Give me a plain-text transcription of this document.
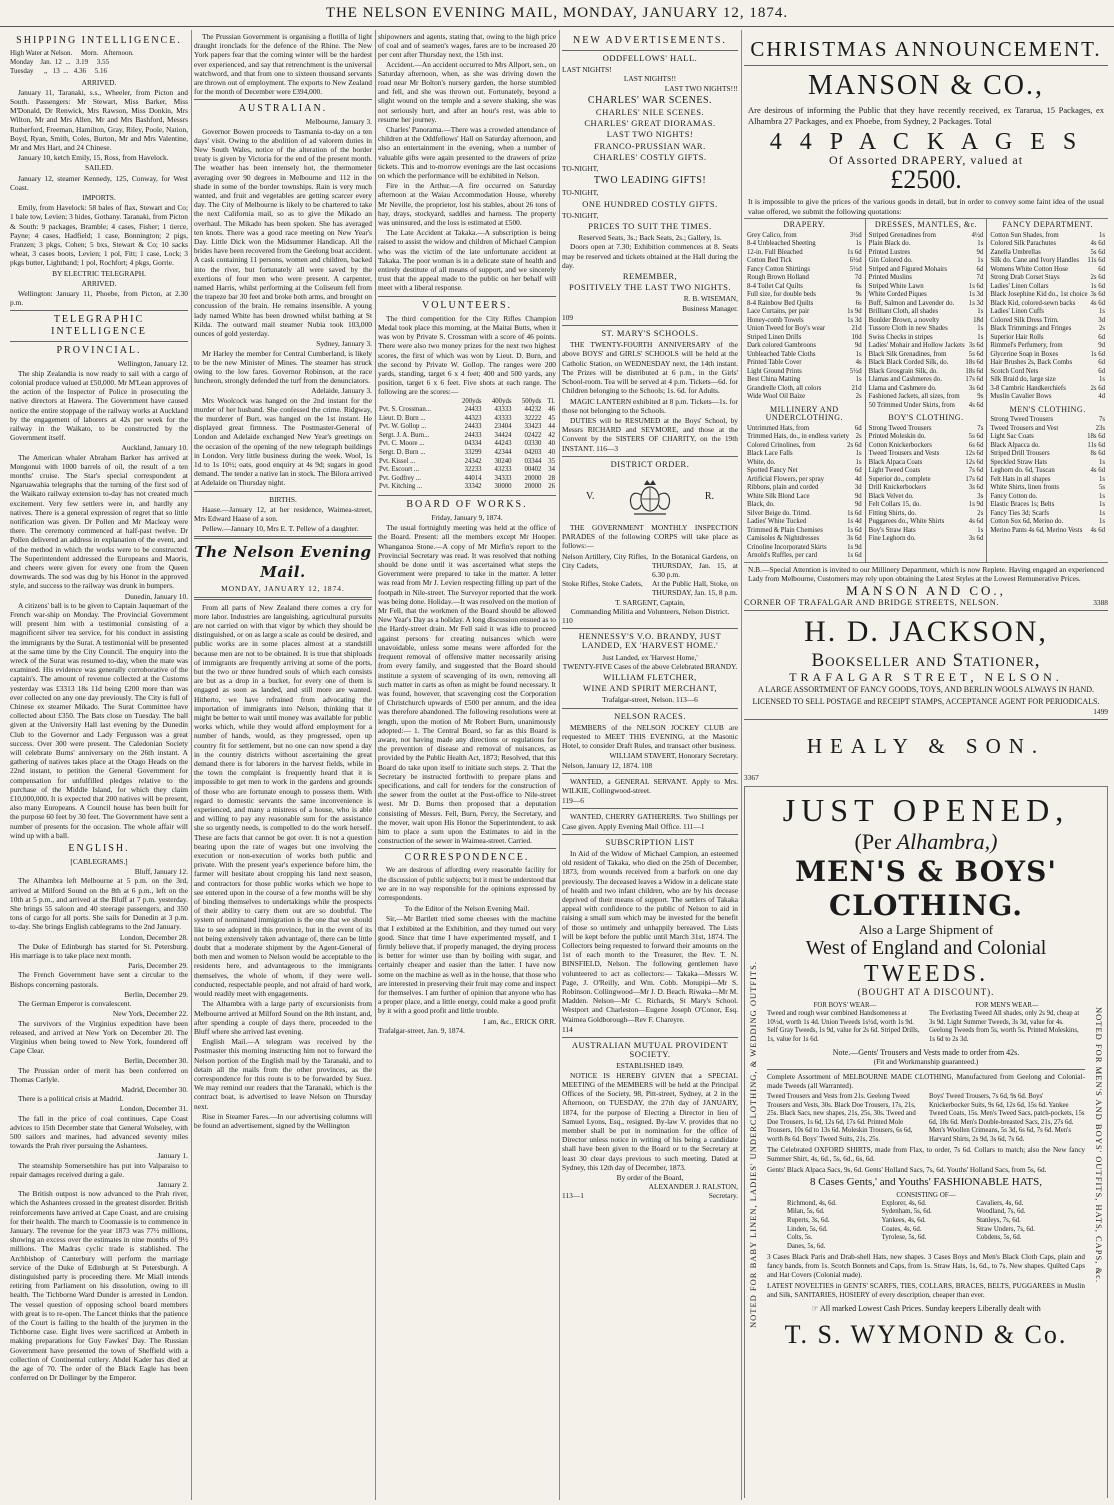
THE NELSON EVENING MAIL, MONDAY, JANUARY 12, 1874.
SHIPPING INTELLIGENCE.
High Water at Nelson.     Morn.   Afternoon.
Monday    Jan.  12  ...   3.19     3.55
Tuesday      ,,   13  ...   4.36     5.16
ARRIVED.

January 11, Taranaki, s.s., Wheeler, from Picton and South. Passengers: Mr Stewart, Miss Barker, Miss M'Donald, Dr Renwick, Mrs Rawson, Miss Donkin, Mrs Wilton, Mr and Mrs Allen, Mr and Mrs Bashford, Messrs Rutherford, Freeman, Hamilton, Gray, Riley, Poole, Nation, Boyd, Ryan, Smith, Coles, Burton, Mr and Mrs Valentine, Mr and Mrs Hart, and 24 Chinese.

January 10, ketch Emily, 15, Ross, from Havelock.

SAILED.

January 12, steamer Kennedy, 125, Conway, for West Coast.

IMPORTS.

Emily, from Havelock: 58 bales of flax, Stewart and Co; 1 bale tow, Levien; 3 hides, Gothany. Taranaki, from Picton & South: 9 packages, Bramble; 4 cases, Fisher; 1 tierce, Payne; 4 cases, Hadfield; 1 case, Bonnington; 2 pigs, Franzen; 3 pkgs, Cohen; 5 bxs, Stewart & Co; 10 sacks wheat, 3 cases boots, Levien; 1 pol, Fitt; 1 case, Lock; 3 pkgs butter, Lightband; 1 pol, Rochfort; 4 pkgs, Gorrie.

BY ELECTRIC TELEGRAPH.
ARRIVED.

Wellington: January 11, Phoebe, from Picton, at 2.30 p.m.

TELEGRAPHIC INTELLIGENCE
PROVINCIAL.
Wellington, January 12.

The ship Zealandia is now ready to sail with a cargo of colonial produce valued at £50,000. Mr M'Lean approves of the action of the Inspector of Police in prosecuting the native directors at Hawera. The Government have caused notice the entire stoppage of the railway works at Auckland by the engagement of laborers at 42s per week for the railway in the Waikato, to be constructed by the Government itself.

Auckland, January 10.

The American whaler Abraham Barker has arrived at Mongonui with 1000 barrels of oil, the result of a ten months' cruise. The Star's special correspondent at Ngaruawahia telegraphs that the turning of the first sod of the Waikato railway extension to-day has not created much excitement. Very few settlers were in, and hardly any natives. There is a general expression of regret that so little notification was given. Dr Pollen and Mr Macleay were there. The ceremony commenced at half-past twelve. Dr Pollen delivered an address in explanation of the event, and of the method in which the works were to be constructed. The Superintendent addressed the Europeans and Maoris, and cheers were given for every one from the Queen downwards. The sod was dug by his Honor in the approved style, and success to the railway was drunk in bumpers.

Dunedin, January 10.

A citizens' ball is to be given to Captain Jaquemart of the French war-ship on Monday. The Provincial Government will present him with a testimonial consisting of a magnificent silver tea service, for his conduct in assisting the immigrants by the Surat. A testimonial will be presented at the same time by the City Council. The enquiry into the wreck of the Surat was resumed to-day, when the mate was examined. His evidence was generally corroborative of the captain's. The amount of revenue collected at the Customs yesterday was £3313 18s 11d being £200 more than was ever collected on any one day previously. The City is full of Chinese ex steamer Mikado. The Surat Committee have collected about £350. The Bats close on Tuesday. The ball given at the University Hall last evening by the Dunedin Club to the Governor and Lady Fergusson was a great success. Over 300 were present. The Caledonian Society will celebrate Burns' anniversary on the 26th instant. A gathering of natives takes place at the Otago Heads on the 22nd instant, to petition the General Government for compensation for unfulfilled pledges relative to the purchase of the Middle Island, for which they claim £10,000,000. It is expected that 200 natives will be present, also many Europeans. A Council house has been built for the purpose 60 feet by 30 feet. The Government have sent a number of presents for the occasion. The whole affair will wind up with a ball.

ENGLISH.
[CABLEGRAMS.]
Bluff, January 12.

The Alhambra left Melbourne at 5 p.m. on the 3rd, arrived at Milford Sound on the 8th at 6 p.m., left on the 10th at 5 p.m., and arrived at the Bluff at 7 p.m. yesterday. She brings 55 saloon and 40 steerage passengers, and 350 tons of cargo for all ports. She sails for Dunedin at 3 p.m. to-day. She brings English cablegrams to the 2nd January.

London, December 28.

The Duke of Edinburgh has started for St. Petersburg. His marriage is to take place next month.

Paris, December 29.

The French Government have sent a circular to the Bishops concerning pastorals.

Berlin, December 29.

The German Emperor is convalescent.

New York, December 22.

The survivors of the Virginius expedition have been released, and arrived at New York on December 20. The Virginius when being towed to New York, foundered off Cape Clear.

Berlin, December 30.

The Prussian order of merit has been conferred on Thomas Carlyle.

Madrid, December 30.

There is a political crisis at Madrid.

London, December 31.

The fall in the price of coal continues. Cape Coast advices to 15th December state that General Wolseley, with 500 sailors and marines, had advanced seventy miles towards the Prah river pursuing the Ashantees.

January 1.

The steamship Somersetshire has put into Valparaiso to repair damages received during a gale.

January 2.

The British outpost is now advanced to the Prah river, which the Ashantees crossed in the greatest disorder. British reinforcements have arrived at Cape Coast, and are cruising for their health. The march to Coomassie is to commence in January. The revenue for the year 1873 was 77½ millions, showing an excess over the estimates in nine months of 9½ millions. The Madras cyclic trade is stablished. The Archbishop of Canterbury will perform the marriage service of the Duke of Edinburgh at St Petersburgh. A distinguished party is proceeding there. Mr Miall intends retiring from Parliament on his dissolution, owing to ill health. The Tichborne Ward Dunder is arrested in London. The vessel question of opposing school board members with great is to re-open. The Lancet thinks that the patience of the Court is failing to the health of the jurymen in the Tichborne case. Eight lives were sacrificed at Ambeth in making preparations for Guy Fawkes' Day. The Russian Government have presented the town of Sheffield with a collection of Continental cutlery. Abdel Kader has died at the age of 70. The order of the Black Eagle has been conferred on Dr Dollinger by the Emperor.

The Prussian Government is organising a flotilla of light draught ironclads for the defence of the Rhine. The New York papers fear that the coming winter will be the hardest ever experienced, and say that retrenchment is the universal watchword, and that from one to sixteen thousand servants are thrown out of employment. The exports to New Zealand for the month of December were £394,000.

AUSTRALIAN.
Melbourne, January 3.

Governor Bowen proceeds to Tasmania to-day on a ten days' visit. Owing to the abolition of ad valorem duties in New South Wales, notice of the alteration of the border treaty is given by Victoria for the end of the present month. The weather has been intensely hot, the thermometer averaging over 90 degrees in Melbourne and 112 in the shade in some of the border townships. Rain is very much wanted, and fruit and vegetables are getting scarcer every day. The City of Melbourne is likely to be chartered to take the next California mail, so as to give the Mikado an overhaul. The Mikado has been spoken. She has averaged ten knots. There was a good race meeting on New Year's Day. Little Dick won the Midsummer Handicap. All the brides have been recovered from the Geelong boat accident. A cask containing 11 persons, women and children, backed into the river, but fortunately all were saved by the exertions of four men who were present. A carpenter, named Harris, whilst performing at the Coliseum fell from the trapeze bar 30 feet and broke both arms, and brought on concussion of the brain. He remains insensible. A young lady named White has been drowned whilst bathing at St Kilda. The outward mail steamer Nubia took 103,000 ounces of gold yesterday.

Sydney, January 3.

Mr Harley the member for Central Cumberland, is likely to be the new Minister of Mines. The steamer has struck owing to the low fares. Governor Robinson, at the race luncheon, strongly defended the turf from the denunciators.

Adelaide, January 3.

Mrs Woolcock was hanged on the 2nd instant for the murder of her husband. She confessed the crime. Ridgway, the murderer of Burt, was hanged on the 1st instant. He displayed great firmness. The Postmaster-General of London and Adelaide exchanged New Year's greetings on the occasion of the opening of the new telegraph buildings in London. Very little business during the week. Wool, 1s 1d to 1s 10½; oats, good enquiry at 4s 9d; sugars in good demand. The tender a native lan in stock. The Bilora arrived at Adelaide on Thursday night.

BIRTHS.

Haase.—January 12, at her residence, Waimea-street, Mrs Edward Haase of a son.

Pellew.—January 10, Mrs E. T. Pellew of a daughter.

The Nelson Evening Mail.
MONDAY, JANUARY 12, 1874.

From all parts of New Zealand there comes a cry for more labor. Industries are languishing, agricultural pursuits are not carried on with that vigor by which they should be distinguished, or on as large a scale as could be desired, and public works are in some places almost at a standstill because men are not to be obtained. It is true that shiploads of immigrants are frequently arriving at some of the ports, but the two or three hundred souls of which each consists are but as a drop in a bucket, for every one of them is engaged as soon as landed, and still more are wanted. Hitherto, we have refrained from advocating the importation of immigrants into Nelson, thinking that it might be better to wait until money was available for public works which, while they would afford employment for a number of hands, would, as they progressed, open up country fit for settlement, but no one can now spend a day in the country districts without ascertaining the great demand there is for laborers in the harvest fields, while in the town the complaint is frequently heard that it is impossible to get men to work in the gardens and grounds of those who are fortunate enough to possess them. With regard to domestic servants the same inconvenience is experienced, and many a mistress of a house, who is able and willing to pay any reasonable sum for the assistance she so urgently needs, is compelled to do the work herself. These are facts that cannot be got over. It is not a question bearing upon the rate of wages but one involving the execution or non-execution of works both public and private. With the present year's experience before him, the farmer will hesitate about cropping his land next season, and contractors for those public works which we hope to see entered upon in the course of a few months will be shy of binding themselves to undertakings while the prospects of their ability to carry them out are so doubtful. The system of nominated immigration is the one that we should like to see adopted in this province, but in the event of its not being extensively taken advantage of, there can be little doubt that a moderate shipment by the Agent-General of both men and women to Nelson would be acceptable to the residents here, and advantageous to the immigrants themselves, the whole of whom, if they were well-conducted, respectable people, and not afraid of hard work, would readily meet with engagements.

The Alhambra with a large party of excursionists from Melbourne arrived at Milford Sound on the 8th instant, and, after spending a couple of days there, proceeded to the Bluff where she arrived last evening.

English Mail.—A telegram was received by the Postmaster this morning instructing him not to forward the Nelson portion of the English mail by the Taranaki, and to detain all the mails from the other provinces, as the correspondence for this route is to be forwarded by Suez. We may remind our readers that the Taranaki, which is the contract boat, is advertised to leave Nelson on Thursday next.

Rise in Steamer Fares.—In our advertising columns will be found an advertisement, signed by the Wellington

shipowners and agents, stating that, owing to the high price of coal and of seamen's wages, fares are to be increased 20 per cent after Thursday next, the 15th inst.

Accident.—An accident occurred to Mrs Allport, sen., on Saturday afternoon, when, as she was driving down the road near Mr Bolton's nursery garden, the horse stumbled and fell, and she was thrown out. Fortunately, beyond a slight wound on the temple and a severe shaking, she was not seriously hurt, and after an hour's rest, was able to resume her journey.

Charles' Panorama.—There was a crowded attendance of children at the Oddfellows' Hall on Saturday afternoon, and also an entertainment in the evening, when a number of valuable gifts were again presented to the drawers of prize tickets. This and to-morrow evenings are the last occasions on which the performance will be exhibited in Nelson.

Fire in the Arthur.—A fire occurred on Saturday afternoon at the Waiau Accommodation House, whereby Mr Neville, the proprietor, lost his stables, about 26 tons of hay, drays, stockyard, saddles and harness. The property was uninsured, and the loss is estimated at £500.

The Late Accident at Takaka.—A subscription is being raised to assist the widow and children of Michael Campion who was the victim of the late unfortunate accident at Takaka. The poor woman is in a delicate state of health and entirely destitute of all means of support, and we sincerely trust that the appeal made to the public on her behalf will meet with a liberal response.

VOLUNTEERS.

The third competition for the City Rifles Champion Medal took place this morning, at the Maitai Butts, when it was won by Private S. Crossman with a score of 46 points. There were also two money prizes for the next two highest scores, the first of which was won by Lieut. D. Burn, and the second by Private W. Gollop. The ranges were 200 yards, standing, target 6 x 4 feet; 400 and 500 yards, any position, target 6 x 6 feet. Five shots at each range. The following are the scores:—

	200yds	400yds	500yds	Tl.
Pvt. S. Crossman...	24433	43333	44232	46
Lieut. D. Burn ...	44323	43333	32222	45
Pvt. W. Gollop ...	24433	23404	33423	44
Sergt. J. A. Burn...	24433	34424	02422	42
Pvt. C. Moore ...	04334	44243	03330	40
Sergt. D. Burn ...	33299	42344	04203	40
Pvt. Kissel ...	24342	30240	03344	35
Pvt. Escourt ...	32233	43233	00402	34
Pvt. Godfrey ...	44014	34333	20000	28
Pvt. Kitching ...	33342	30000	20000	26
BOARD OF WORKS.
Friday, January 9, 1874.

The usual fortnightly meeting was held at the office of the Board. Present: all the members except Mr Hooper. Whanganoa Stone.—A copy of Mr Mirfin's report to the Provincial Secretary was read. It was resolved that nothing should be done until it was ascertained what steps the Government were prepared to take in the matter. A letter was read from Mr J. Levien respecting filling up part of the footpath in Nile-street. The Surveyor reported that the work was being done. Holiday.—It was resolved on the motion of Mr Fell, that the workmen of the Board should be allowed New Year's Day as a holiday. A long discussion ensued as to the Hardy-street drain. Mr Fell said it was idle to proceed against persons for creating nuisances which were unavoidable, unless some means were afforded for the frequent removal of offensive matter necessarily arising from every family, and suggested that the Board should institute a system of scavenging of its own, removing all such matter in carts as often as might be found necessary. It was found, however, that scavenging cost the Corporation of Christchurch upwards of £500 per annum, and the idea was therefore abandoned. The following resolutions were at length, upon the motion of Mr Robert Burn, unanimously adopted:— 1. The Central Board, so far as this Board is aware, not having made any directions or regulations for the prevention of disease and removal of nuisances, as provided by the Public Health Act, 1873; Resolved, that this Board do take upon itself to initiate such steps. 2. That the Secretary be instructed forthwith to prepare plans and specifications, and call for tenders for the construction of the sewer from the outlet at the Post-office to Nile-street west. Mr D. Burns then proposed that a deputation consisting of Messrs. Fell, Burn, Percy, the Secretary, and the mover, wait upon His Honor the Superintendent, to ask him to place a sum upon the Estimates to aid in the construction of the sewer in Waimea-street. Carried.

CORRESPONDENCE.

We are desirous of affording every reasonable facility for the discussion of public subjects; but it must be understood that we are in no way responsible for the opinions expressed by correspondents.

To the Editor of the Nelson Evening Mail.

Sir,—Mr Bartlett tried some cheeses with the machine that I exhibited at the Exhibition, and they turned out very good. Since that time I have experimented myself, and I firmly believe that, if properly managed, the drying process is better for winter use than by boiling with sugar, and certainly cheaper and easier than the latter. I have now some on the machine as well as in the house, that those who are interested in preserving their fruit may come and inspect for themselves. I am further of opinion that anyone who has a proper place, and a little energy, could make a good profit by it with a good profit and little trouble.

I am, &c., ERICK ORR.
Trafalgar-street, Jan. 9, 1874.
NEW ADVERTISEMENTS.
ODDFELLOWS' HALL.
LAST NIGHTS!
LAST NIGHTS!!
LAST TWO NIGHTS!!!
CHARLES' WAR SCENES.
CHARLES' NILE SCENES.
CHARLES' GREAT DIORAMAS.
LAST TWO NIGHTS!
FRANCO-PRUSSIAN WAR.
CHARLES' COSTLY GIFTS.
TO-NIGHT,
TWO LEADING GIFTS!
TO-NIGHT,
ONE HUNDRED COSTLY GIFTS.
TO-NIGHT,
PRICES TO SUIT THE TIMES.
Reserved Seats, 3s.; Back Seats, 2s.; Gallery, 1s.

Doors open at 7.30; Exhibition commences at 8. Seats may be reserved and tickets obtained at the Hall during the day.

REMEMBER,
POSITIVELY THE LAST TWO NIGHTS.
R. B. WISEMAN,
Business Manager.
109
ST. MARY'S SCHOOLS.

THE TWENTY-FOURTH ANNIVERSARY of the above BOYS' and GIRLS' SCHOOLS will be held at the Catholic Station, on WEDNESDAY next, the 14th instant. The Prizes will be distributed at 6 p.m., in the Girls' School-room. Tea will be served at 4 p.m. Tickets—6d. for Children belonging to the Schools; 1s. 6d. for Adults.

MAGIC LANTERN exhibited at 8 p.m. Tickets—1s. for those not belonging to the Schools.

DUTIES will be RESUMED at the Boys' School, by Messrs RICHARD and SEYMORE, and those at the Convent by the SISTERS OF CHARITY, on the 19th INSTANT. 116—3

DISTRICT ORDER.
V.	R.

THE GOVERNMENT MONTHLY INSPECTION PARADES of the following CORPS will take place as follows:—

Nelson Artillery, City Rifles, City Cadets,
In the Botanical Gardens, on THURSDAY, Jan. 15, at 6.30 p.m.
Stoke Rifles, Stoke Cadets,	At the Public Hall, Stoke, on THURSDAY, Jan. 15, 8 p.m.
T. SARGENT, Captain,
Commanding Militia and Volunteers, Nelson District.
110
HENNESSY'S V.O. BRANDY, JUST LANDED, EX 'HARVEST HOME.'
Just Landed, ex 'Harvest Home,'
TWENTY-FIVE Cases of the above Celebrated BRANDY.
WILLIAM FLETCHER,
WINE AND SPIRIT MERCHANT,
Trafalgar-street, Nelson. 113—6
NELSON RACES.

MEMBERS of the NELSON JOCKEY CLUB are requested to MEET THIS EVENING, at the Masonic Hotel, to consider Draft Rules, and transact other business.

WILLIAM STAVERT, Honorary Secretary.
Nelson, January 12, 1874. 108

WANTED, a GENERAL SERVANT. Apply to Mrs. WILKIE, Collingwood-street.

119—6

WANTED, CHERRY GATHERERS. Two Shillings per Case given. Apply Evening Mail Office. 111—1

SUBSCRIPTION LIST

In Aid of the Widow of Michael Campion, an esteemed old resident of Takaka, who died on the 25th of December, 1873, from wounds received from a barfork on one day previously. The deceased leaves a Widow in a delicate state of health and two infant children, who are by his decease deprived of their means of support. The settlers of Takaka appeal with confidence to the public of Nelson to aid in raising a small sum which may be invested for the benefit of those so untimely and unhappily bereaved. The Lists will be kept before the public until March 31st, 1874. The Collectors being requested to forward their amounts on the 1st of each month to the Treasurer, the Rev. T. N. BINSFIELD, Nelson. The following gentlemen have volunteered to act as collectors:— Takaka—Messrs W. Page, J. O'Reilly, and Wm. Cobb. Motupipi—Mr S. Robinson. Collingwood—Mr J. D. Beach. Riwaka—Mr M. Madden. Nelson—Mr C. Richards, St Mary's School. Westport and Charleston—Eugene Joseph O'Conor, Esq. Waimea Goldborough—Rev F. Chareyre.

114
AUSTRALIAN MUTUAL PROVIDENT SOCIETY.
ESTABLISHED 1849.

NOTICE IS HEREBY GIVEN that a SPECIAL MEETING of the MEMBERS will be held at the Principal Offices of the Society, 98, Pitt-street, Sydney, at 2 in the Afternoon, on TUESDAY, the 27th day of JANUARY, 1874, for the purpose of Electing a Director in lieu of Samuel Lyons, Esq., resigned. By-law V. provides that no member shall be put in nomination for the office of Director unless notice in writing of his being a candidate shall have been given to the Board or to the Secretary at least 30 clear days previous to such meeting. Dated at Sydney, this 12th day of December, 1873.

By order of the Board,
ALEXANDER J. RALSTON,
113—1	Secretary.
CHRISTMAS ANNOUNCEMENT.
MANSON & CO.,
Are desirous of informing the Public that they have recently received, ex Tararua, 15 Packages, ex Alhambra 27 Packages, and ex Phoebe, from Sydney, 2 Packages. Total
4 4 P A C K A G E S
Of Assorted DRAPERY, valued at
£2500.
It is impossible to give the prices of the various goods in detail, but in order to convey some faint idea of the usual value offered, we submit the following quotations:
DRAPERY.
Grey Calico, from	3½d
8-4 Unbleached Sheeting	1s
12-in. Full Bleached	1s 6d
Cotton Bed Tick	6½d
Fancy Cotton Shirtings	5½d
Rough Brown Holland	7d
8-4 Toilet Cal Quilts	6s
Full size, for double beds	9s
8-4 Rainbow Bed Quilts	6s
Lace Curtains, per pair	1s 9d
Honey-comb Towels	1s 3d
Union Tweed for Boy's wear	21d
Striped Linen Drills	10d
Dark colored Gambroons	9d
Unbleached Table Cloths	1s
Printed Table Cover	4s
Light Ground Prints	5½d
Best China Matting	1s
Grandrelle Cloth, all colors	21d
Wide Wool Oil Baize	2s
MILLINERY AND UNDERCLOTHING.
Untrimmed Hats, from	6d
Trimmed Hats, do., in endless variety 2s
Colored Crinolines, from	2s 6d
Black Lace Falls	1s
White, do.	1s
Spotted Fancy Net	6d
Artificial Flowers, per spray	4d
Ribbons, plain and corded	3d
White Silk Blond Lace	9d
Black, do.	9d
Silver Beige do. Trimd.	1s 6d
Ladies' White Tucked	1s 4d
Trimmed & Plain Chemises	1s 6d
Camisoles & Nightdresses	3s 6d
Crinoline Incorporated Skirts	1s 9d
Arnold's Ruffles, per card	1s 6d
DRESSES, MANTLES, &c.
Striped Grenadines from	4½d
Plain Black do.	1s
Printed Lustres	9d
Gin Colored do.	1s
Striped and Figured Mohairs	6d
Printed Muslins	7d
Striped White Lawn	1s 6d
White Corded Piques	1s 3d
Buff, Salmon and Lavender do. 1s 3d
Brilliant Cloth, all shades	1s
Boulder Brown, a novelty	18d
Tussore Cloth in new Shades	1s
Swiss Checks in stripes	1s
Ladies' Mohair and Hollow Jackets 3s 6d
Black Silk Grenadines, from	5s 6d
Black Black Corded Silk, do.	18s 6d
Black Grosgrain Silk, do.	18s 6d
Llamas and Cashmeres do.	17s 6d
Llama and Cashmere do.	3s 6d
Fashioned Jackets, all sizes, from	9s
50 Trimmed Under Skirts, from 4s 6d
BOY'S CLOTHING.
Strong Tweed Trousers	7s
Printed Moleskin do.	5s 6d
Cotton Knickerbockers	6s 6d
Tweed Trousers and Vests	12s 6d
Black Alpaca Coats	12s 6d
Light Tweed Coats	7s 6d
Superior do., complete	17s 6d
Drill Knickerbockers	3s 6d
Black Velvet do.	3s
Felt Collars 15, do.	1s 9d
Fitting Shirts, do.	2s
Puggarees do., White Shirts	4s 6d
Boy's Straw Hats	1s
Fine Leghorn do.	3s 6d
FANCY DEPARTMENT.
Cotton Sun Shades, from	1s
Colored Silk Parachutes	4s 6d
Zanella Umbrellas	5s 6d
Silk do. Cane and Ivory Handles 11s 6d
Womens White Cotton Hose	6d
Strong Drab Corset Stays	2s 6d
Ladies' Linen Collars	1s 6d
Black Josephine Kid do., 1st choice 3s 6d
Black Kid, colored-sewn backs 4s 6d
Ladies' Linen Cuffs	1s
Colored Silk Dress Trim.	3d
Black Trimmings and Fringes	2s
Superior Hair Rolls	6d
Rimmel's Perfumery, from	9d
Glycerine Soap in Boxes	1s 6d
Hair Brushes 2s, Back Combs	6d
Scotch Cord Nets	6d
Silk Braid do, large size	1s
3-8 Cambric Handkerchiefs	2s 6d
Muslin Cavalier Bows	4d
MEN'S CLOTHING.
Strong Tweed Trousers	7s
Tweed Trousers and Vest	23s
Light Sac Coats	18s 6d
Black Alpacca do.	11s 6d
Striped Drill Trousers	8s 6d
Speckled Straw Hats	1s
Leghorn do. 6d, Tuscan	4s 6d
Felt Hats in all shapes	1s
White Shirts, linen fronts	5s
Fancy Cotton do.	1s
Elastic Braces 1s; Belts	1s
Fancy Ties 3d; Scarfs	1s
Cotton Sox 6d, Merino do.	1s
Merino Pants 4s 6d, Merino Vests 4s 6d
N.B.—Special Attention is invited to our Millinery Department, which is now Replete. Having engaged an experienced Lady from Melbourne, Customers may rely upon obtaining the Latest Styles at the Lowest Remunerative Prices.
MANSON AND CO.,
CORNER OF TRAFALGAR AND BRIDGE STREETS, NELSON.	3388
H. D. JACKSON,
Bookseller and Stationer,
TRAFALGAR STREET, NELSON.
A LARGE ASSORTMENT OF FANCY GOODS, TOYS, AND BERLIN WOOLS ALWAYS IN HAND.
LICENSED TO SELL POSTAGE and RECEIPT STAMPS, ACCEPTANCE AGENT FOR PERIODICALS.
1499
HEALY & SON.
3367
NOTED FOR BABY LINEN, LADIES' UNDERCLOTHING, & WEDDING OUTFITS.	NOTED FOR MEN'S AND BOYS' OUTFITS, HATS, CAPS, &c.
JUST OPENED,
(Per Alhambra,)
MEN'S & BOYS' CLOTHING.
Also a Large Shipment of
West of England and Colonial
TWEEDS.
(BOUGHT AT A DISCOUNT).
FOR BOYS' WEAR—
Tweed and rough wear combined Handsomeness at 10½d, worth 1s 4d. Union Tweeds 1s½d, worth 1s 9d. Self Gray Tweeds, 1s 9d, value for 2s 6d. Striped Drills, 1s, value for 1s 6d.
FOR MEN'S WEAR—
The Everlasting Tweed All shades, only 2s 9d, cheap at 3s 9d. Light Summer Tweeds, 3s 3d, value for 4s. Geelong Tweeds from 5s, worth 5s. Printed Moleskins, 1s 6d to 2s 3d.
Note.—Gents' Trousers and Vests made to order from 42s.
(Fit and Workmanship guaranteed.)
Complete Assortment of MELBOURNE MADE CLOTHING, Manufactured from Geelong and Colonial-made Tweeds (all Warranted).
Tweed Trousers and Vests from 21s. Geelong Tweed Trousers and Vests, 30s. Black Doe Trousers, 17s, 21s, 25s. Black Sacs, new shapes, 21s, 25s, 30s. Tweed and Doe Trousers, 1s 6d, 12s 6d, 17s 6d. Printed Mole Trousers, 10s 6d to 13s 6d. Moleskin Trousers, 6s 6d, worth 8s 6d. Boys' Tweed Suits, 21s, 25s.
Boys' Tweed Trousers, 7s 6d, 9s 6d. Boys' Knickerbocker Suits, 9s 6d, 12s 6d, 15s 6d. Yankee Tweed Coats, 15s. Men's Tweed Sacs, patch-pockets, 15s 6d, 18s 6d. Men's Double-breasted Sacs, 21s, 27s 6d. Men's Woollen Crimeans, 5s 3d, 6s 6d, 7s 6d. Men's Harvard Shirts, 2s 9d, 3s 6d, 7s 6d.
The Celebrated OXFORD SHIRTS, made from Flax, to order, 7s 6d. Collars to match; also the New fancy Summer Shirt, 4s, 6d., 5s, 6d., 6s, 6d.
Gents' Black Alpaca Sacs, 9s, 6d. Gents' Holland Sacs, 7s, 6d. Youths' Holland Sacs, from 5s, 6d.
8 Cases Gents,' and Youths' FASHIONABLE HATS,
CONSISTING OF—
Richmond, 4s, 6d.
Milan, 5s, 6d.
Ruperts, 3s, 6d.
Linden, 5s, 6d.
Colts, 5s.
Danes, 5s, 6d.
Explorer, 4s, 6d.
Sydenham, 5s, 6d.
Yankees, 4s, 6d.
Coates, 4s, 6d.
Tyrolese, 5s, 6d.
Cavaliers, 4s, 6d.
Woodland, 7s, 6d.
Stanleys, 7s, 6d.
Straw Unders, 7s, 6d.
Cobdens, 5s, 6d.
3 Cases Black Paris and Drab-shell Hats, new shapes. 3 Cases Boys and Men's Black Cloth Caps, plain and fancy bands, from 1s. Scotch Bonnets and Caps, from 1s. Straw Hats, 1s, 6d., to 7s. New shapes. Quilted Caps and Hat Covers (Colonial made).
LATEST NOVELTIES in GENTS' SCARFS, TIES, COLLARS, BRACES, BELTS, PUGGAREES in Muslin and Silk, SANITARIES, HOSIERY of every description, cheaper than ever.
☞ All marked Lowest Cash Prices. Sunday keepers Liberally dealt with
T. S. WYMOND & Co.
